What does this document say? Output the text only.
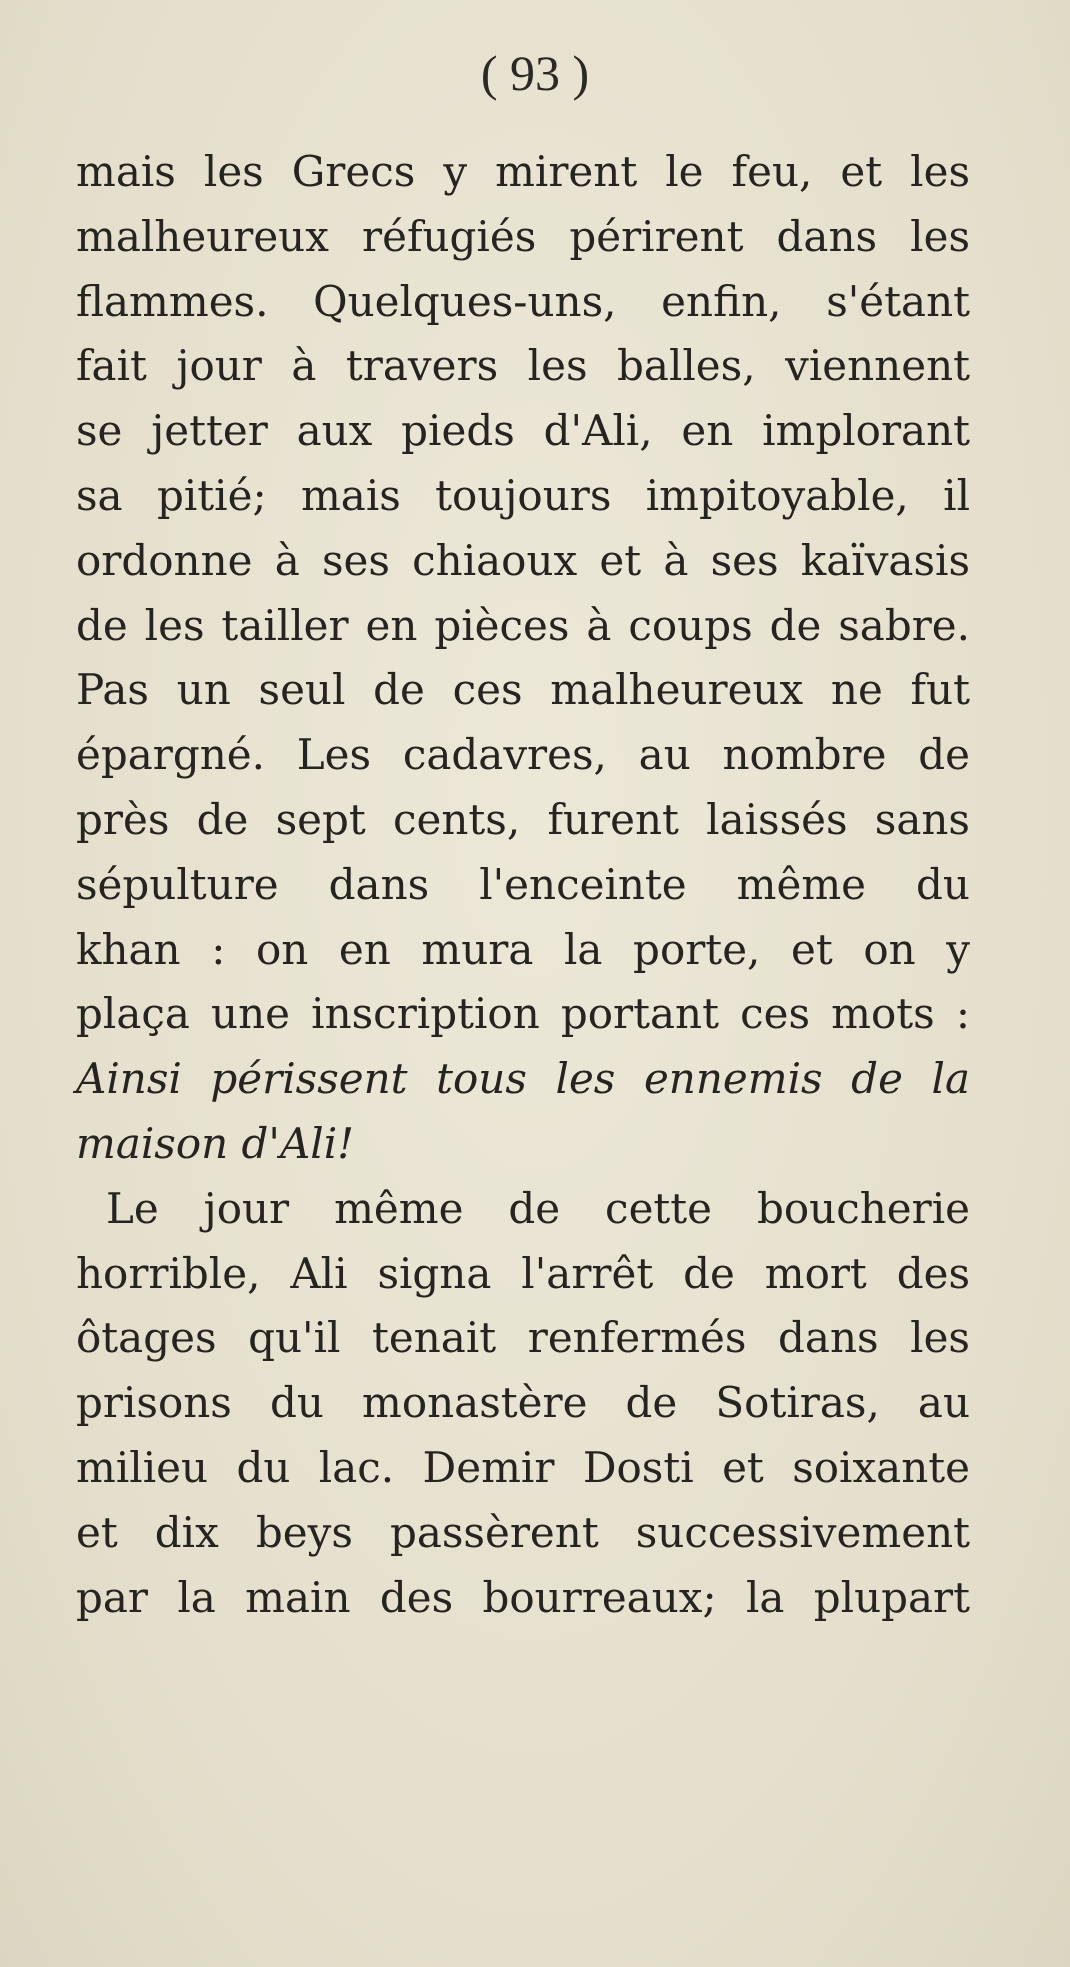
( 93 )
mais les Grecs y mirent le feu, et les
malheureux réfugiés périrent dans les
flammes. Quelques-uns, enfin, s'étant
fait jour à travers les balles, viennent
se jetter aux pieds d'Ali, en implorant
sa pitié; mais toujours impitoyable, il
ordonne à ses chiaoux et à ses kaïvasis
de les tailler en pièces à coups de sabre.
Pas un seul de ces malheureux ne fut
épargné. Les cadavres, au nombre de
près de sept cents, furent laissés sans
sépulture dans l'enceinte même du
khan : on en mura la porte, et on y
plaça une inscription portant ces mots :
Ainsi périssent tous les ennemis de la
maison d'Ali!
Le jour même de cette boucherie
horrible, Ali signa l'arrêt de mort des
ôtages qu'il tenait renfermés dans les
prisons du monastère de Sotiras, au
milieu du lac. Demir Dosti et soixante
et dix beys passèrent successivement
par la main des bourreaux; la plupart
